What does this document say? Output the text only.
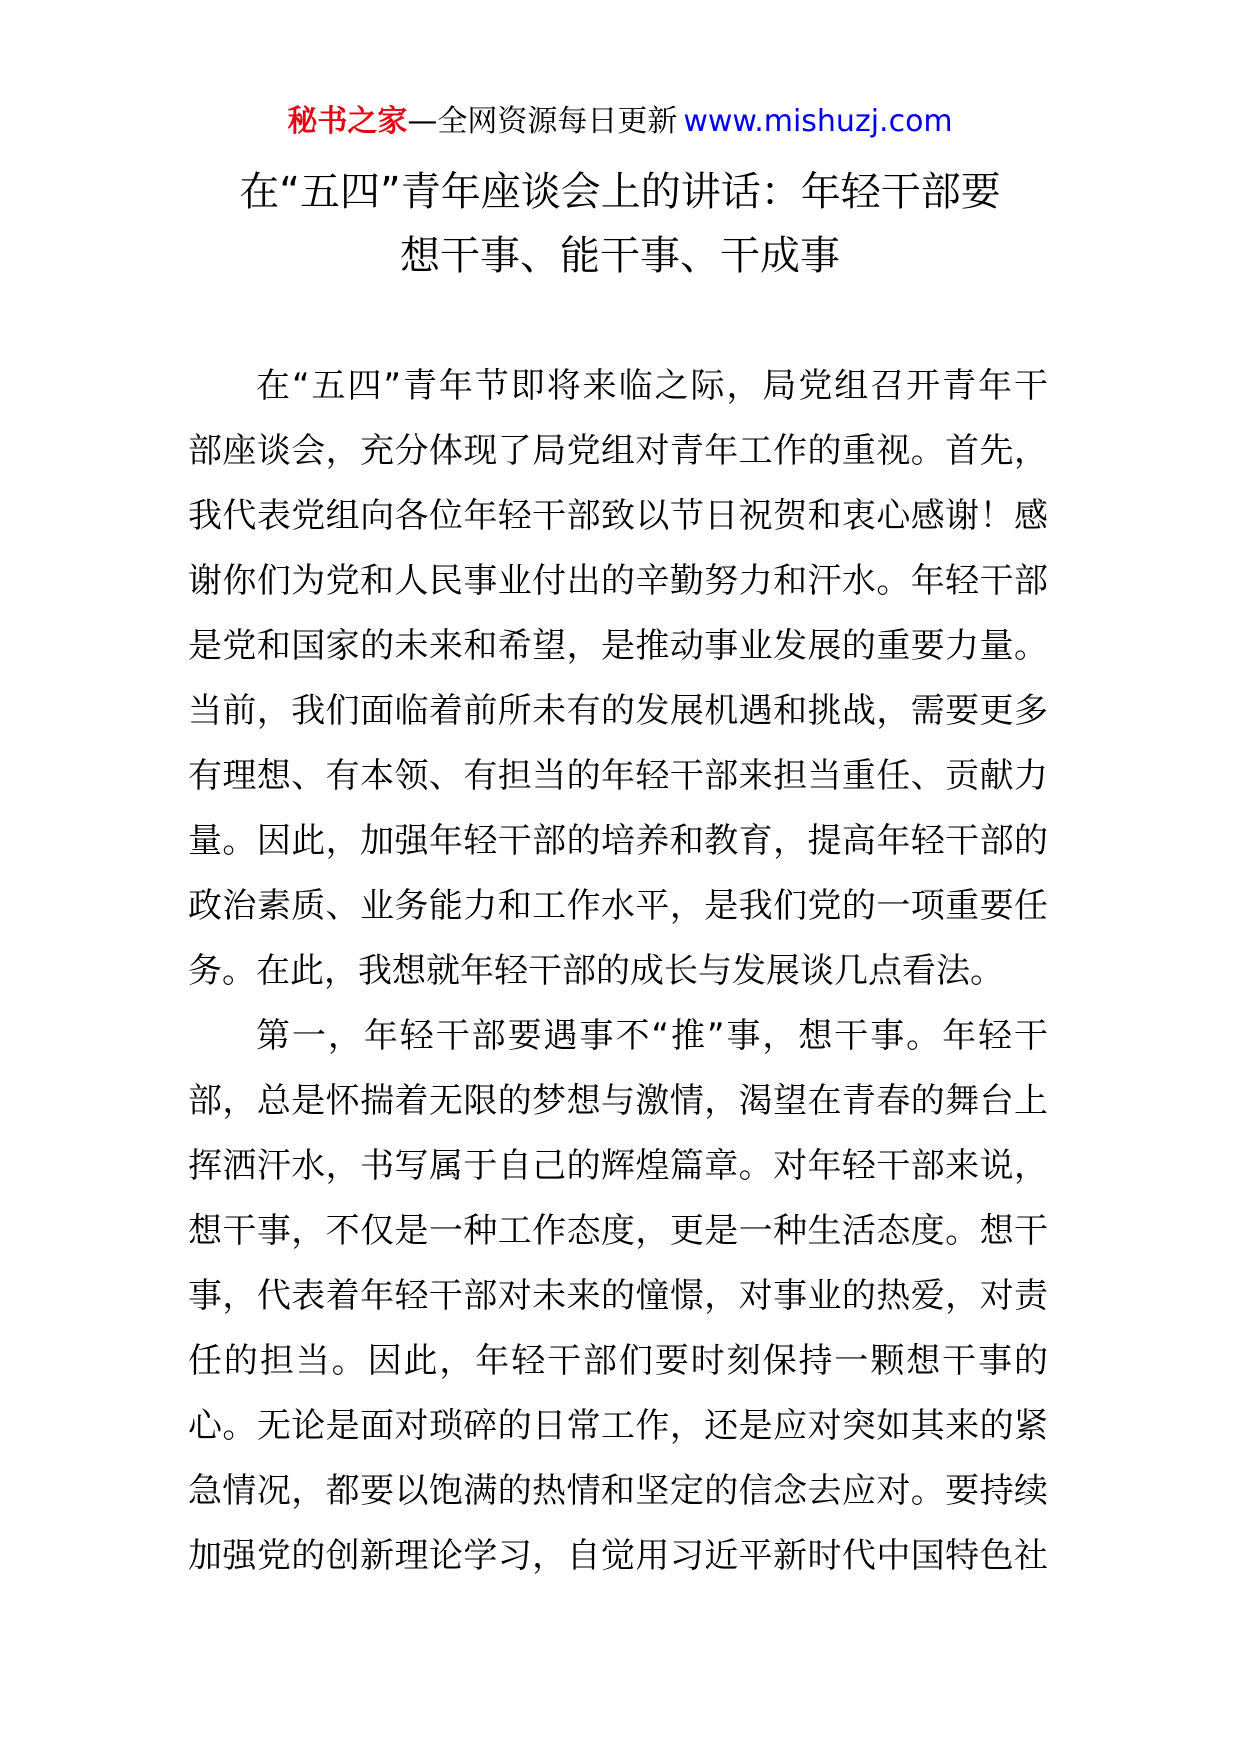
秘书之家—全网资源每日更新 www.mishuzj.com
在“五四”青年座谈会上的讲话：年轻干部要
想干事、能干事、干成事
在“五四”青年节即将来临之际，局党组召开青年干
部座谈会，充分体现了局党组对青年工作的重视。首先，
我代表党组向各位年轻干部致以节日祝贺和衷心感谢！感
谢你们为党和人民事业付出的辛勤努力和汗水。年轻干部
是党和国家的未来和希望，是推动事业发展的重要力量。
当前，我们面临着前所未有的发展机遇和挑战，需要更多
有理想、有本领、有担当的年轻干部来担当重任、贡献力
量。因此，加强年轻干部的培养和教育，提高年轻干部的
政治素质、业务能力和工作水平，是我们党的一项重要任
务。在此，我想就年轻干部的成长与发展谈几点看法。
第一，年轻干部要遇事不“推”事，想干事。年轻干
部，总是怀揣着无限的梦想与激情，渴望在青春的舞台上
挥洒汗水，书写属于自己的辉煌篇章。对年轻干部来说，
想干事，不仅是一种工作态度，更是一种生活态度。想干
事，代表着年轻干部对未来的憧憬，对事业的热爱，对责
任的担当。因此，年轻干部们要时刻保持一颗想干事的
心。无论是面对琐碎的日常工作，还是应对突如其来的紧
急情况，都要以饱满的热情和坚定的信念去应对。要持续
加强党的创新理论学习，自觉用习近平新时代中国特色社
